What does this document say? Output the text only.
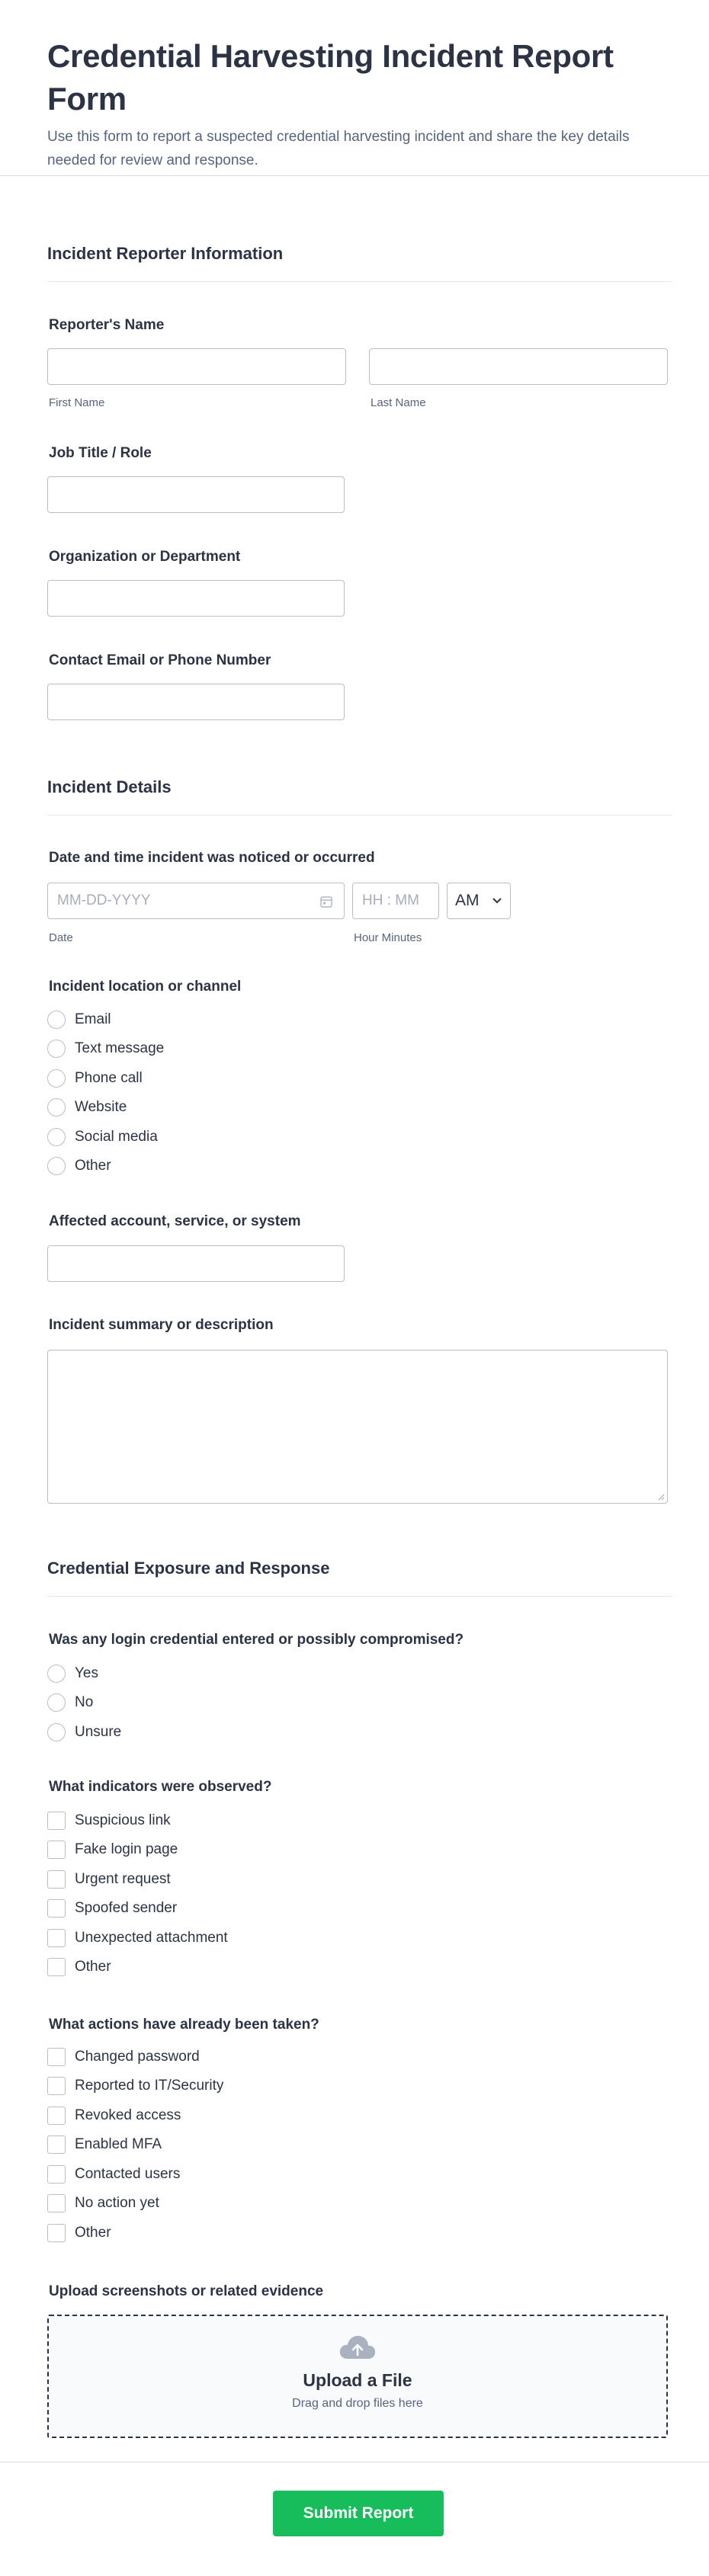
Credential Harvesting Incident Report Form
Use this form to report a suspected credential harvesting incident and share the key details needed for review and response.
Incident Reporter Information
Reporter's Name
First Name	Last Name
Job Title / Role
Organization or Department
Contact Email or Phone Number
Incident Details
Date and time incident was noticed or occurred
MM-DD-YYYY
Date
HH : MM
Hour Minutes
AM
Incident location or channel
Email
Text message
Phone call
Website
Social media
Other
Affected account, service, or system
Incident summary or description
Credential Exposure and Response
Was any login credential entered or possibly compromised?
Yes
No
Unsure
What indicators were observed?
Suspicious link
Fake login page
Urgent request
Spoofed sender
Unexpected attachment
Other
What actions have already been taken?
Changed password
Reported to IT/Security
Revoked access
Enabled MFA
Contacted users
No action yet
Other
Upload screenshots or related evidence
Upload a File
Drag and drop files here
Submit Report
